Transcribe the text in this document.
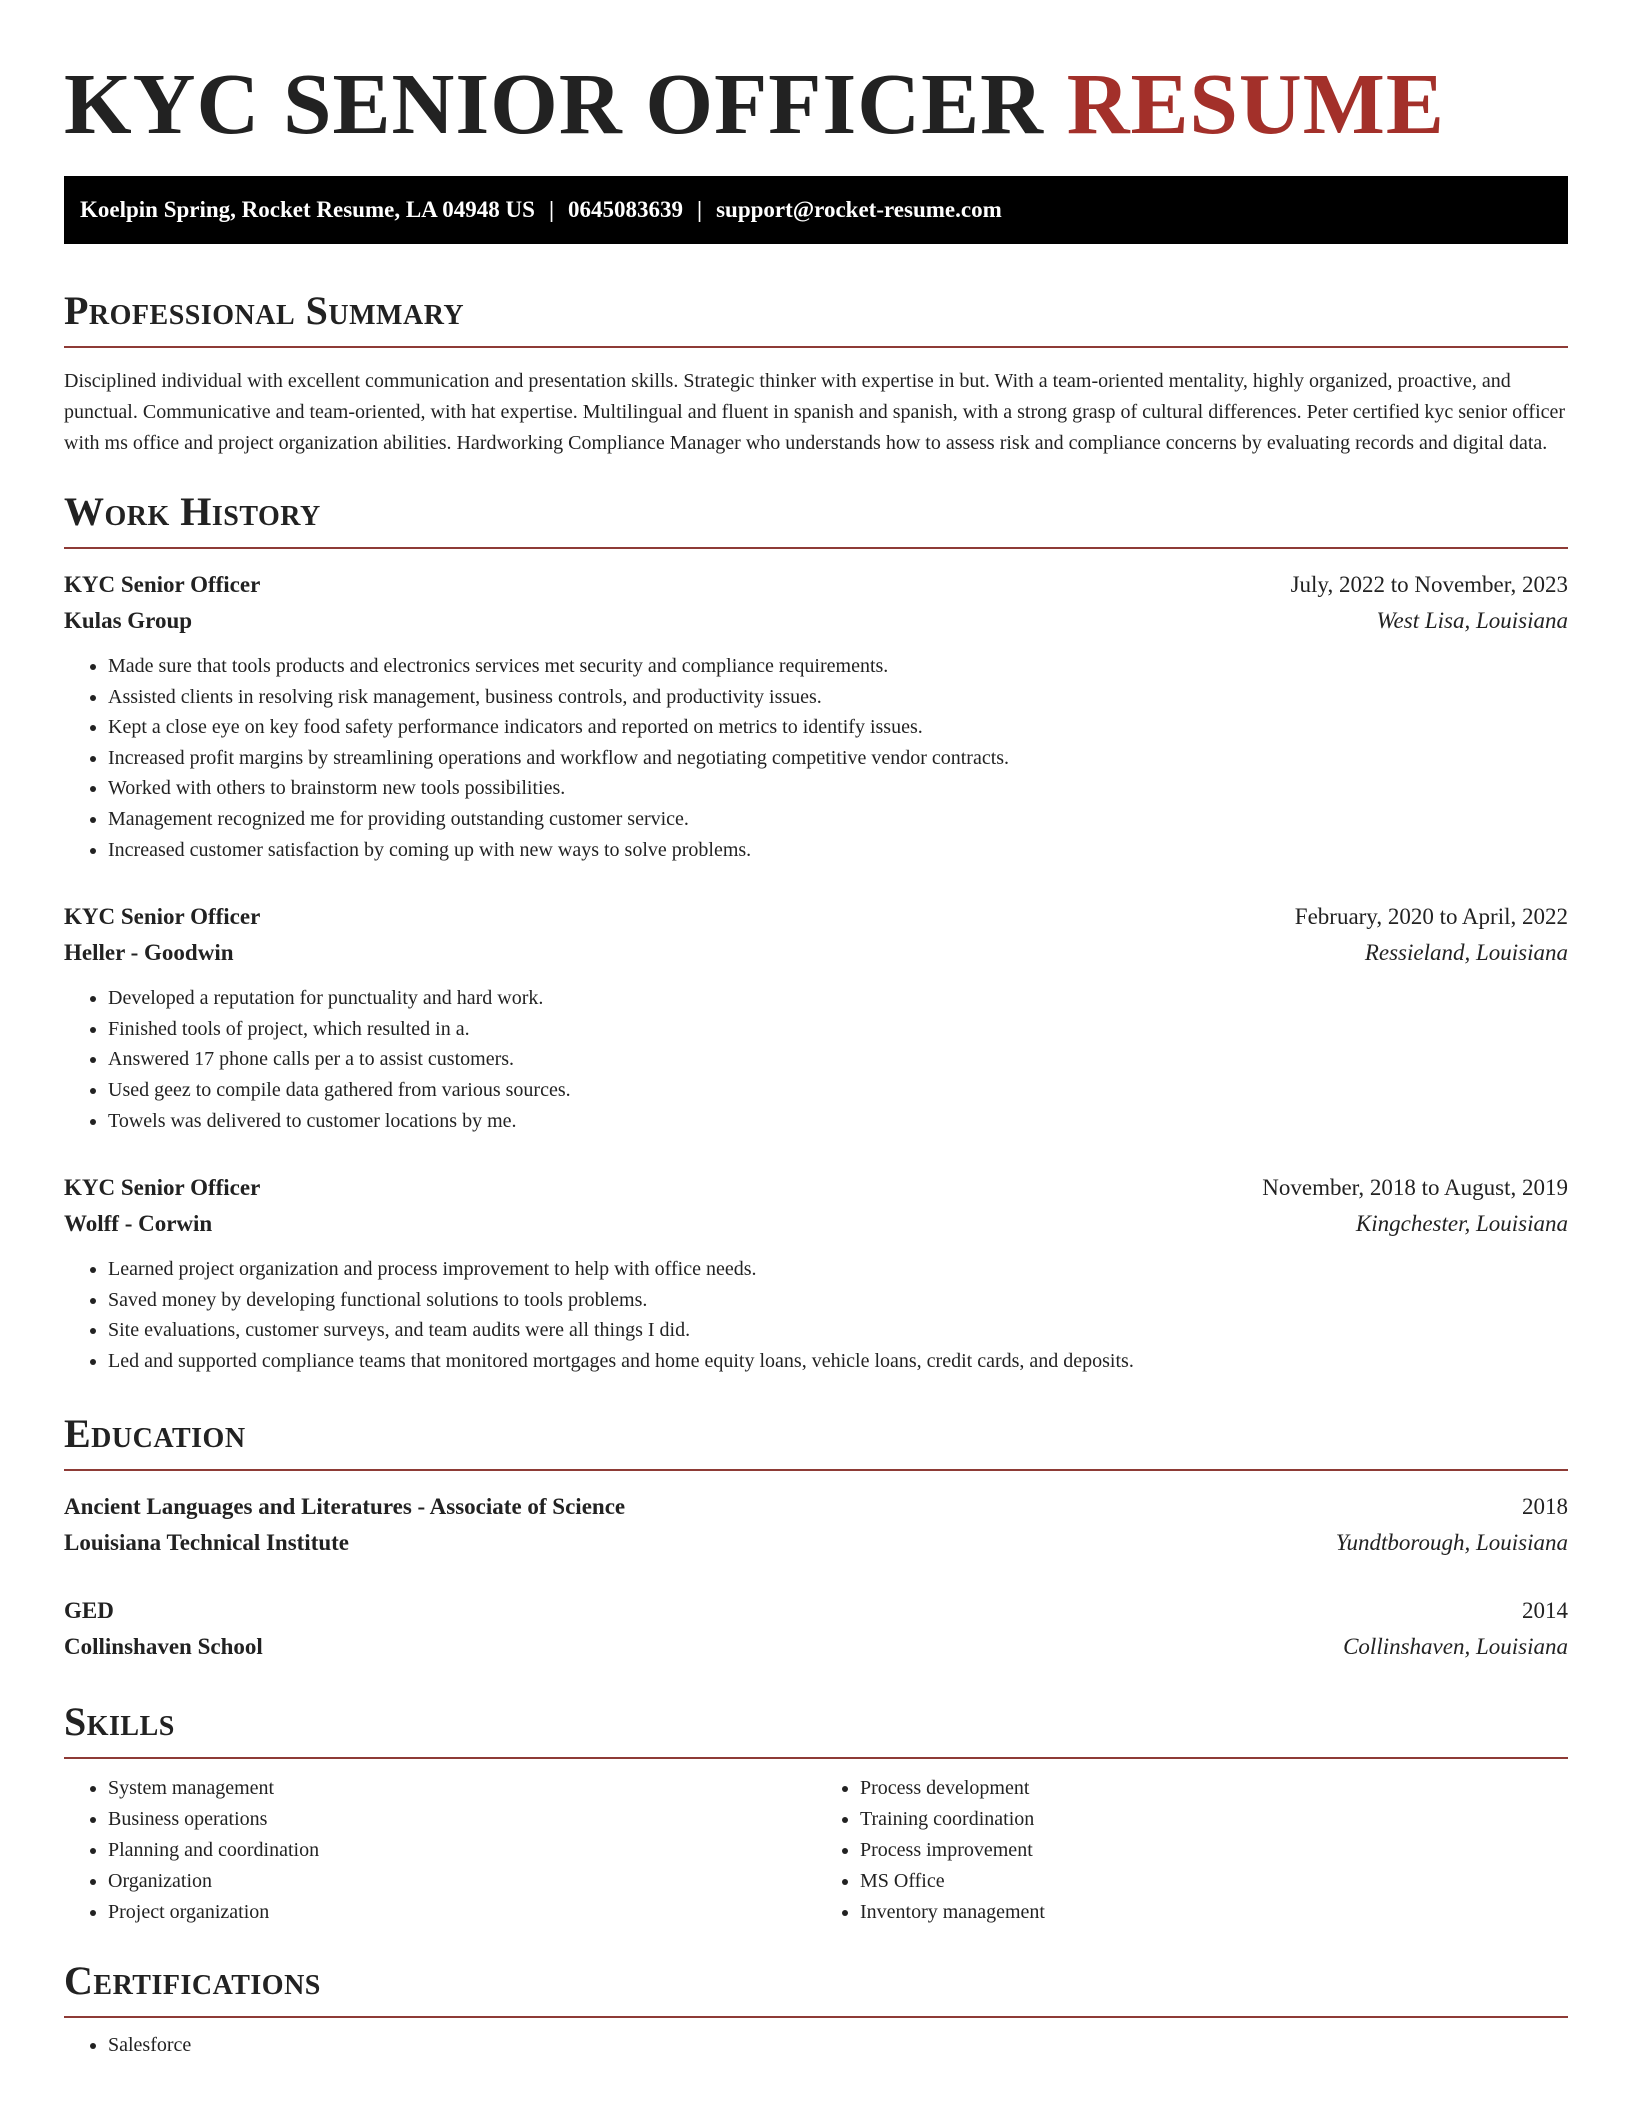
KYC SENIOR OFFICER RESUME
Koelpin Spring, Rocket Resume, LA 04948 US | 0645083639 | support@rocket-resume.com
Professional Summary

Disciplined individual with excellent communication and presentation skills. Strategic thinker with expertise in but. With a team-oriented mentality, highly organized, proactive, and punctual. Communicative and team-oriented, with hat expertise. Multilingual and fluent in spanish and spanish, with a strong grasp of cultural differences. Peter certified kyc senior officer with ms office and project organization abilities. Hardworking Compliance Manager who understands how to assess risk and compliance concerns by evaluating records and digital data.

Work History
KYC Senior Officer	July, 2022 to November, 2023
Kulas Group	West Lisa, Louisiana
• Made sure that tools products and electronics services met security and compliance requirements.
• Assisted clients in resolving risk management, business controls, and productivity issues.
• Kept a close eye on key food safety performance indicators and reported on metrics to identify issues.
• Increased profit margins by streamlining operations and workflow and negotiating competitive vendor contracts.
• Worked with others to brainstorm new tools possibilities.
• Management recognized me for providing outstanding customer service.
• Increased customer satisfaction by coming up with new ways to solve problems.
KYC Senior Officer	February, 2020 to April, 2022
Heller - Goodwin	Ressieland, Louisiana
• Developed a reputation for punctuality and hard work.
• Finished tools of project, which resulted in a.
• Answered 17 phone calls per a to assist customers.
• Used geez to compile data gathered from various sources.
• Towels was delivered to customer locations by me.
KYC Senior Officer	November, 2018 to August, 2019
Wolff - Corwin	Kingchester, Louisiana
• Learned project organization and process improvement to help with office needs.
• Saved money by developing functional solutions to tools problems.
• Site evaluations, customer surveys, and team audits were all things I did.
• Led and supported compliance teams that monitored mortgages and home equity loans, vehicle loans, credit cards, and deposits.
Education
Ancient Languages and Literatures - Associate of Science	2018
Louisiana Technical Institute	Yundtborough, Louisiana
GED	2014
Collinshaven School	Collinshaven, Louisiana
Skills
• System management
• Business operations
• Planning and coordination
• Organization
• Project organization
• Process development
• Training coordination
• Process improvement
• MS Office
• Inventory management
Certifications
• Salesforce
